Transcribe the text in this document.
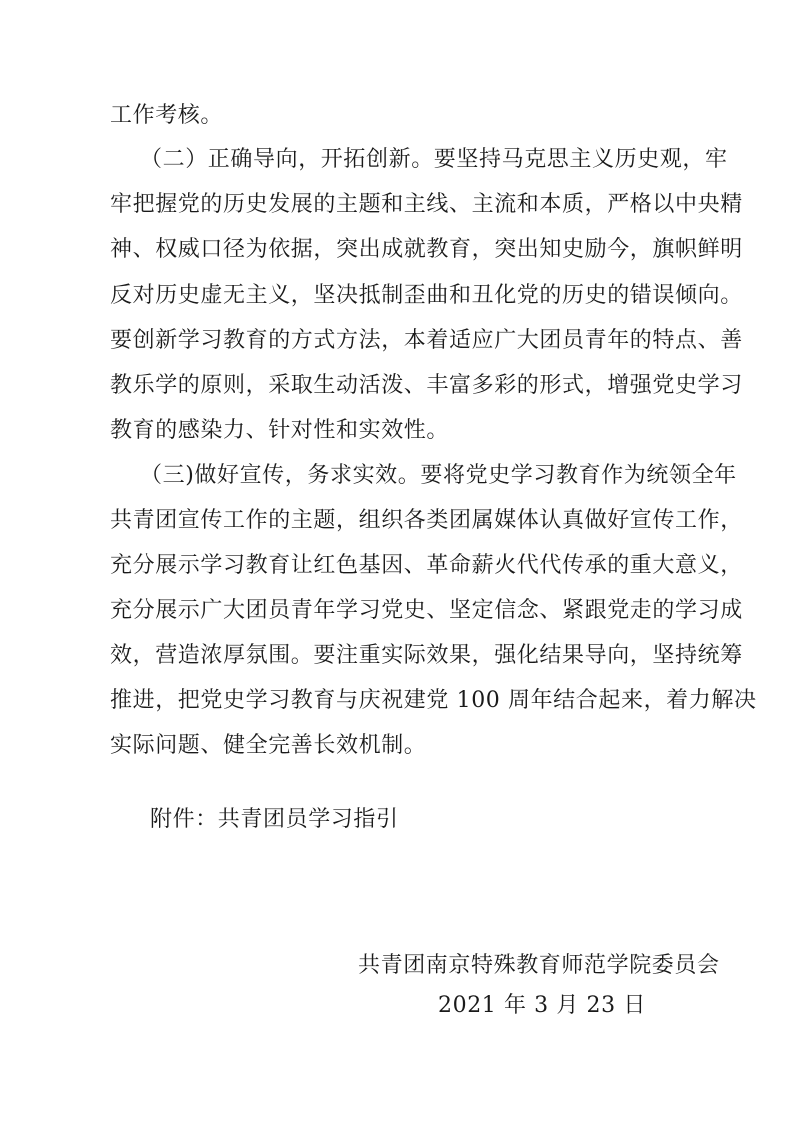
工作考核。
（二）正确导向，开拓创新。要坚持马克思主义历史观，牢
牢把握党的历史发展的主题和主线、主流和本质，严格以中央精
神、权威口径为依据，突出成就教育，突出知史励今，旗帜鲜明
反对历史虚无主义，坚决抵制歪曲和丑化党的历史的错误倾向。
要创新学习教育的方式方法，本着适应广大团员青年的特点、善
教乐学的原则，采取生动活泼、丰富多彩的形式，增强党史学习
教育的感染力、针对性和实效性。
（三)做好宣传，务求实效。要将党史学习教育作为统领全年
共青团宣传工作的主题，组织各类团属媒体认真做好宣传工作，
充分展示学习教育让红色基因、革命薪火代代传承的重大意义，
充分展示广大团员青年学习党史、坚定信念、紧跟党走的学习成
效，营造浓厚氛围。要注重实际效果，强化结果导向，坚持统筹
推进，把党史学习教育与庆祝建党 100 周年结合起来，着力解决
实际问题、健全完善长效机制。
附件：共青团员学习指引
共青团南京特殊教育师范学院委员会
2021 年 3 月 23 日
